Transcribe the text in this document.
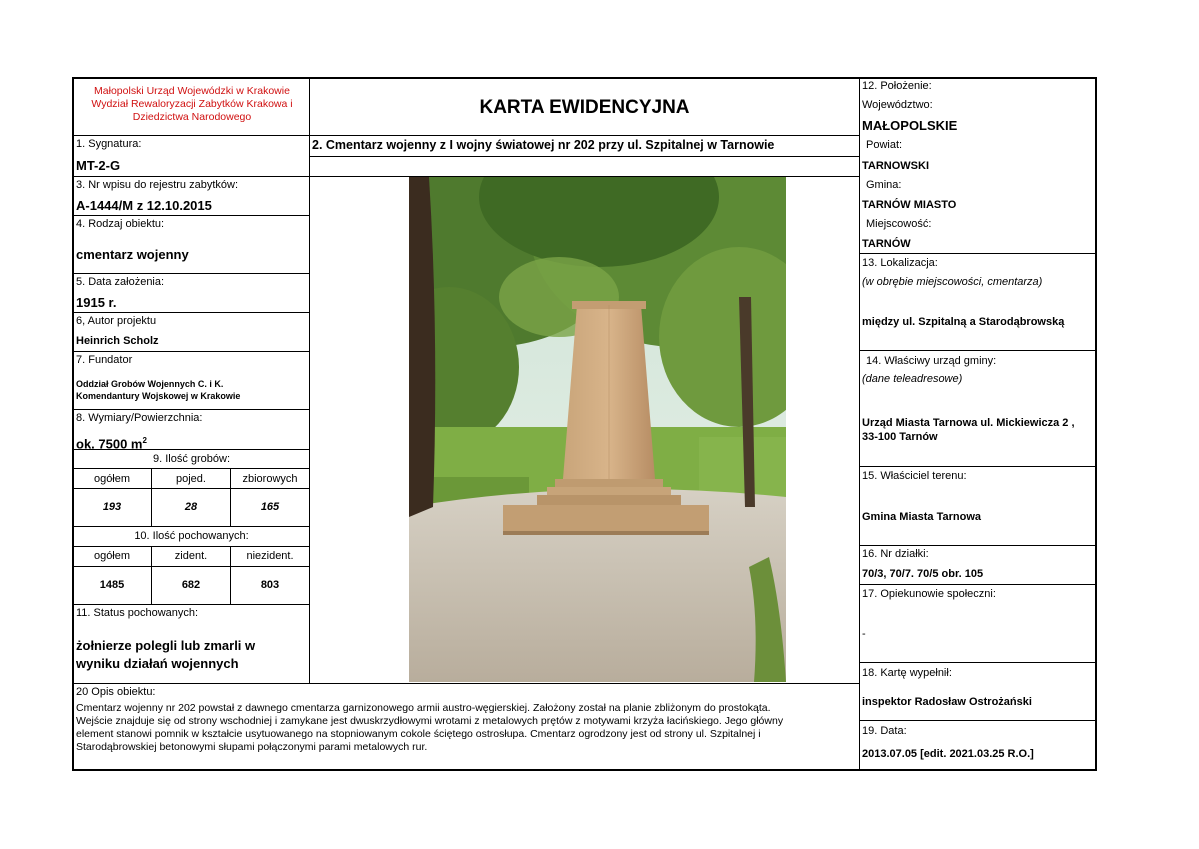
Małopolski Urząd Wojewódzki w Krakowie Wydział Rewaloryzacji Zabytków Krakowa i Dziedzictwa Narodowego	KARTA EWIDENCYJNA
2. Cmentarz wojenny z I wojny światowej nr 202 przy ul. Szpitalnej w Tarnowie
1. Sygnatura:
MT-2-G
3. Nr wpisu do rejestru zabytków:
A-1444/M z 12.10.2015
4. Rodzaj obiektu:
cmentarz wojenny
5. Data założenia:
1915 r.
6, Autor projektu
Heinrich Scholz
7. Fundator
Oddział Grobów Wojennych C. i K.
Komendantury Wojskowej w Krakowie
8. Wymiary/Powierzchnia:
ok. 7500 $m^2$
9. Ilość grobów:
ogółem	pojed.	zbiorowych
193	28	165
10. Ilość pochowanych:
ogółem	zident.	niezident.
1485	682	803
11. Status pochowanych:
żołnierze polegli lub zmarli w
wyniku działań wojennych
12. Położenie:
Województwo:
MAŁOPOLSKIE
Powiat:
TARNOWSKI
Gmina:
TARNÓW MIASTO
Miejscowość:
TARNÓW
13. Lokalizacja:
(w obrębie miejscowości, cmentarza)
między ul. Szpitalną a Starodąbrowską
14. Właściwy urząd gminy:
(dane teleadresowe)
Urząd Miasta Tarnowa ul. Mickiewicza 2 ,
33-100 Tarnów
15. Właściciel terenu:
Gmina Miasta Tarnowa
16. Nr działki:
70/3, 70/7. 70/5 obr. 105
17. Opiekunowie społeczni:
-
18. Kartę wypełnił:
inspektor Radosław Ostrożański
19. Data:
2013.07.05 [edit. 2021.03.25 R.O.]
20 Opis obiektu:
Cmentarz wojenny nr 202 powstał z dawnego cmentarza garnizonowego armii austro-węgierskiej. Założony został na planie zbliżonym do prostokąta.
Wejście znajduje się od strony wschodniej i zamykane jest dwuskrzydłowymi wrotami z metalowych prętów z motywami krzyża łacińskiego. Jego główny
element stanowi pomnik w kształcie usytuowanego na stopniowanym cokole ściętego ostrosłupa. Cmentarz ogrodzony jest od strony ul. Szpitalnej i
Starodąbrowskiej betonowymi słupami połączonymi parami metalowych rur.
